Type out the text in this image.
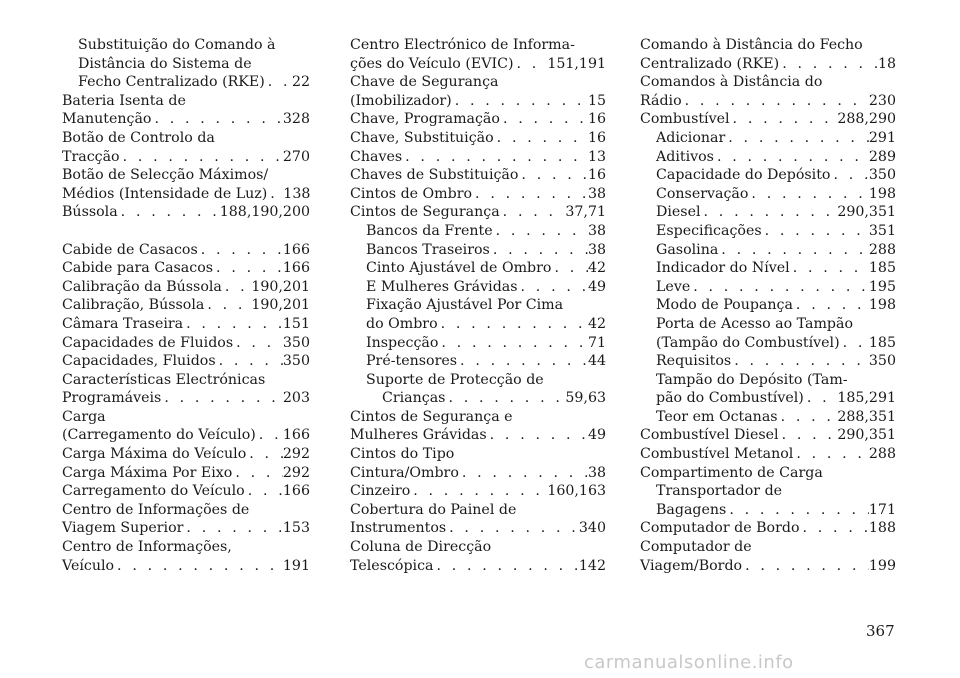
Substituição do Comando à
Distância do Sistema de
Fecho Centralizado (RKE) . . . 22
Bateria Isenta de
Manutenção . . .	328
Botão de Controlo da
Tracção . . .	270
Botão de Selecção Máximos/
Médios (Intensidade de Luz) . . . 138
Bússola . . .	188,190,200
Cabide de Casacos . . .	166
Cabide para Casacos . . .	166
Calibração da Bússola . . . 190,201
Calibração, Bússola . . .	190,201
Câmara Traseira . . .	151
Capacidades de Fluidos . . .	350
Capacidades, Fluidos . . .	350
Características Electrónicas
Programáveis . . .	203
Carga
(Carregamento do Veículo) . . . 166
Carga Máxima do Veículo . . .	292
Carga Máxima Por Eixo . . .	292
Carregamento do Veículo . . .	166
Centro de Informações de
Viagem Superior . . .	153
Centro de Informações,
Veículo . . .	191
Centro Electrónico de Informa-
ções do Veículo (EVIC) . . . 151,191
Chave de Segurança
(Imobilizador) . . .	15
Chave, Programação . . .	16
Chave, Substituição . . .	16
Chaves . . .	13
Chaves de Substituição . . .	16
Cintos de Ombro . . .	38
Cintos de Segurança . . .	37,71
Bancos da Frente . . .	38
Bancos Traseiros . . .	38
Cinto Ajustável de Ombro . . .	42
E Mulheres Grávidas . . .	49
Fixação Ajustável Por Cima
do Ombro . . .	42
Inspecção . . .	71
Pré-tensores . . .	44
Suporte de Protecção de
Crianças . . .	59,63
Cintos de Segurança e
Mulheres Grávidas . . .	49
Cintos do Tipo
Cintura/Ombro . . .	38
Cinzeiro . . .	160,163
Cobertura do Painel de
Instrumentos . . .	340
Coluna de Direcção
Telescópica . . .	142
Comando à Distância do Fecho
Centralizado (RKE) . . .	18
Comandos à Distância do
Rádio . . .	230
Combustível . . .	288,290
Adicionar . . .	291
Aditivos . . .	289
Capacidade do Depósito . . .	350
Conservação . . .	198
Diesel . . .	290,351
Especificações . . .	351
Gasolina . . .	288
Indicador do Nível . . .	185
Leve . . .	195
Modo de Poupança . . .	198
Porta de Acesso ao Tampão
(Tampão do Combustível) . . . 185
Requisitos . . .	350
Tampão do Depósito (Tam-
pão do Combustível) . . . 185,291
Teor em Octanas . . .	288,351
Combustível Diesel . . .	290,351
Combustível Metanol . . .	288
Compartimento de Carga
Transportador de
Bagagens . . .	171
Computador de Bordo . . .	188
Computador de
Viagem/Bordo . . .	199
367
carmanualsonline.info
